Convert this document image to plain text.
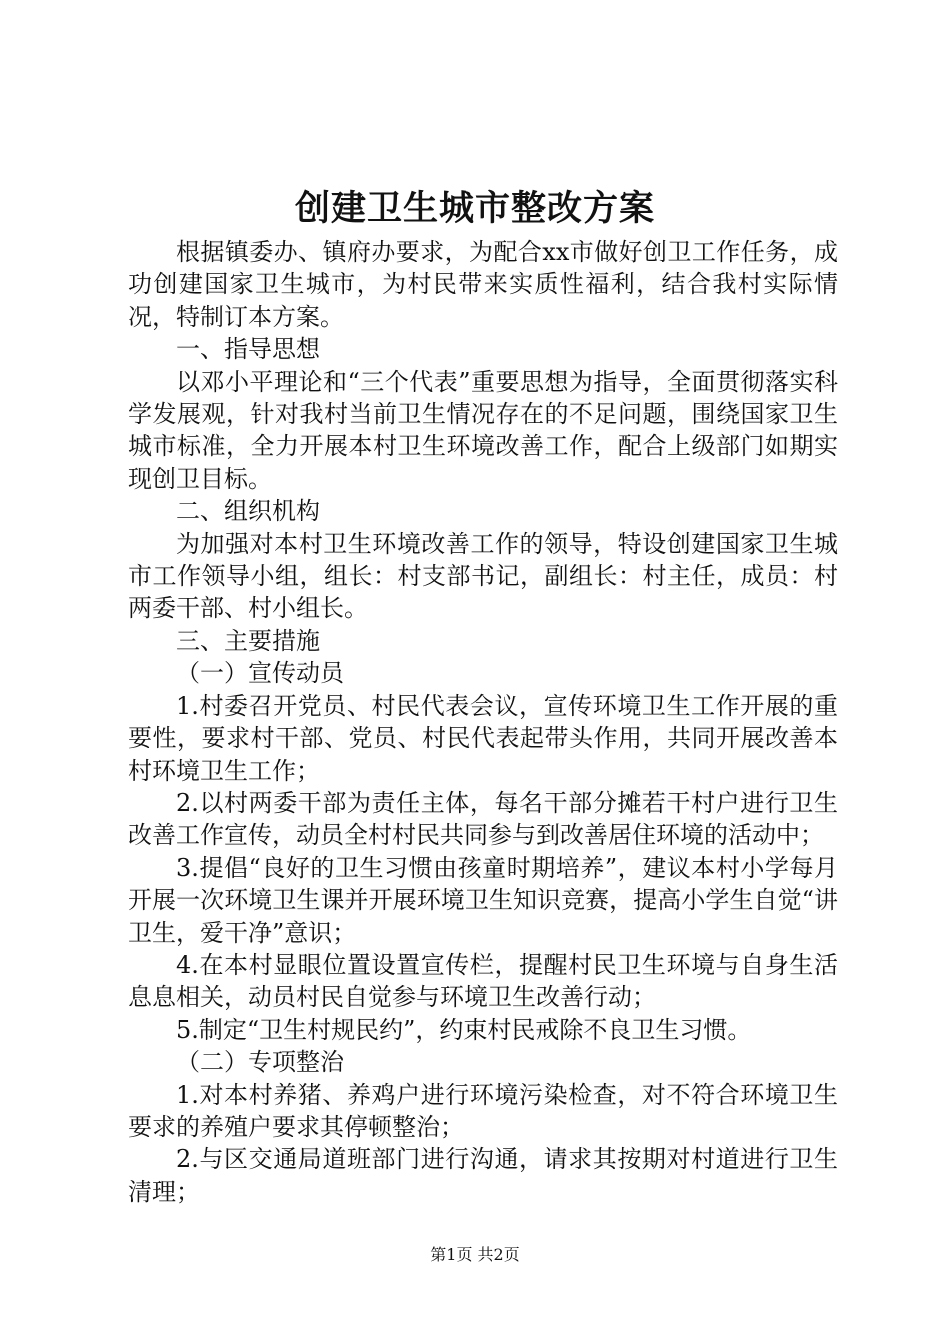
创建卫生城市整改方案

根据镇委办、镇府办要求，为配合xx市做好创卫工作任务，成功创建国家卫生城市，为村民带来实质性福利，结合我村实际情况，特制订本方案。

一、指导思想

以邓小平理论和“三个代表”重要思想为指导，全面贯彻落实科学发展观，针对我村当前卫生情况存在的不足问题，围绕国家卫生城市标准，全力开展本村卫生环境改善工作，配合上级部门如期实现创卫目标。

二、组织机构

为加强对本村卫生环境改善工作的领导，特设创建国家卫生城市工作领导小组，组长：村支部书记，副组长：村主任，成员：村两委干部、村小组长。

三、主要措施

（一）宣传动员

1.村委召开党员、村民代表会议，宣传环境卫生工作开展的重要性，要求村干部、党员、村民代表起带头作用，共同开展改善本村环境卫生工作；

2.以村两委干部为责任主体，每名干部分摊若干村户进行卫生改善工作宣传，动员全村村民共同参与到改善居住环境的活动中；

3.提倡“良好的卫生习惯由孩童时期培养”，建议本村小学每月开展一次环境卫生课并开展环境卫生知识竞赛，提高小学生自觉“讲卫生，爱干净”意识；

4.在本村显眼位置设置宣传栏，提醒村民卫生环境与自身生活息息相关，动员村民自觉参与环境卫生改善行动；

5.制定“卫生村规民约”，约束村民戒除不良卫生习惯。

（二）专项整治

1.对本村养猪、养鸡户进行环境污染检查，对不符合环境卫生要求的养殖户要求其停顿整治；

2.与区交通局道班部门进行沟通，请求其按期对村道进行卫生清理；

第1页 共2页
